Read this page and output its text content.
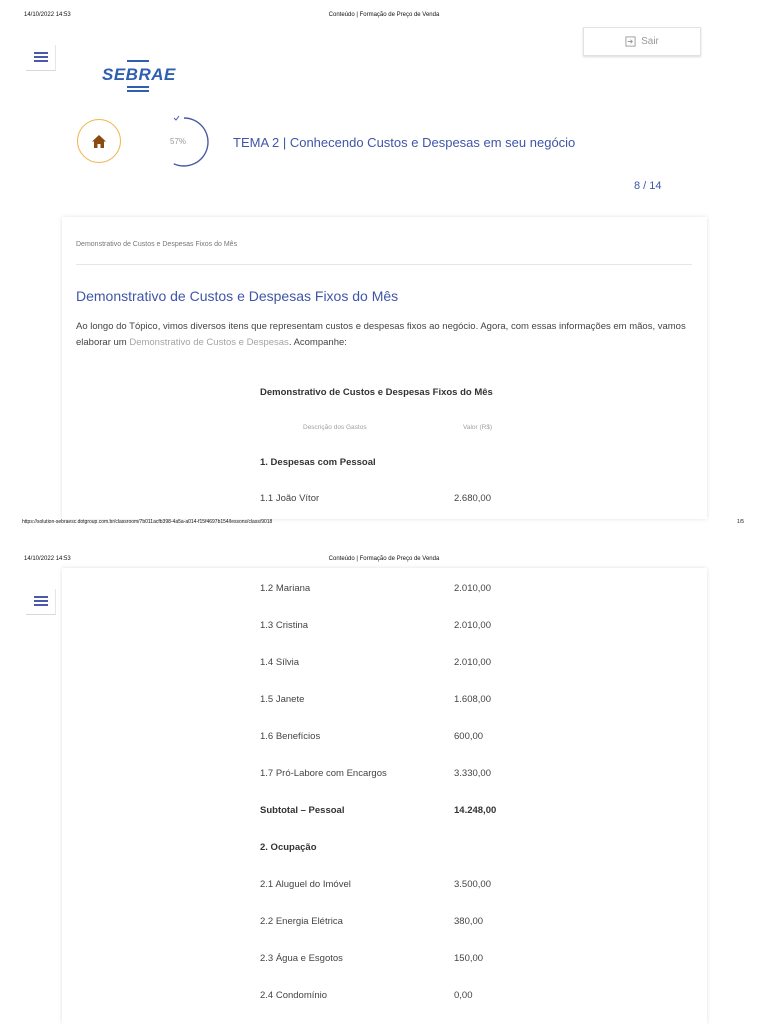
14/10/2022 14:53	Conteúdo | Formação de Preço de Venda
SEBRAE
Sair
57%	TEMA 2 | Conhecendo Custos e Despesas em seu negócio
8 / 14
Demonstrativo de Custos e Despesas Fixos do Mês
Demonstrativo de Custos e Despesas Fixos do Mês

Ao longo do Tópico, vimos diversos itens que representam custos e despesas fixos ao negócio. Agora, com essas informações em mãos, vamos elaborar um Demonstrativo de Custos e Despesas. Acompanhe:

Demonstrativo de Custos e Despesas Fixos do Mês
Descrição dos Gastos	Valor (R$)
1. Despesas com Pessoal
1.1 João Vítor	2.680,00
https://solution-sebraesc.dotgroup.com.br/classroom/7b011acfb398-4a5a-a014-f15f4697b154/lessons/class/9018	1/5
14/10/2022 14:53	Conteúdo | Formação de Preço de Venda
1.2 Mariana	2.010,00
1.3 Cristina	2.010,00
1.4 Sílvia	2.010,00
1.5 Janete	1.608,00
1.6 Benefícios	600,00
1.7 Pró-Labore com Encargos	3.330,00
Subtotal – Pessoal	14.248,00
2. Ocupação
2.1 Aluguel do Imóvel	3.500,00
2.2 Energia Elétrica	380,00
2.3 Água e Esgotos	150,00
2.4 Condomínio	0,00
